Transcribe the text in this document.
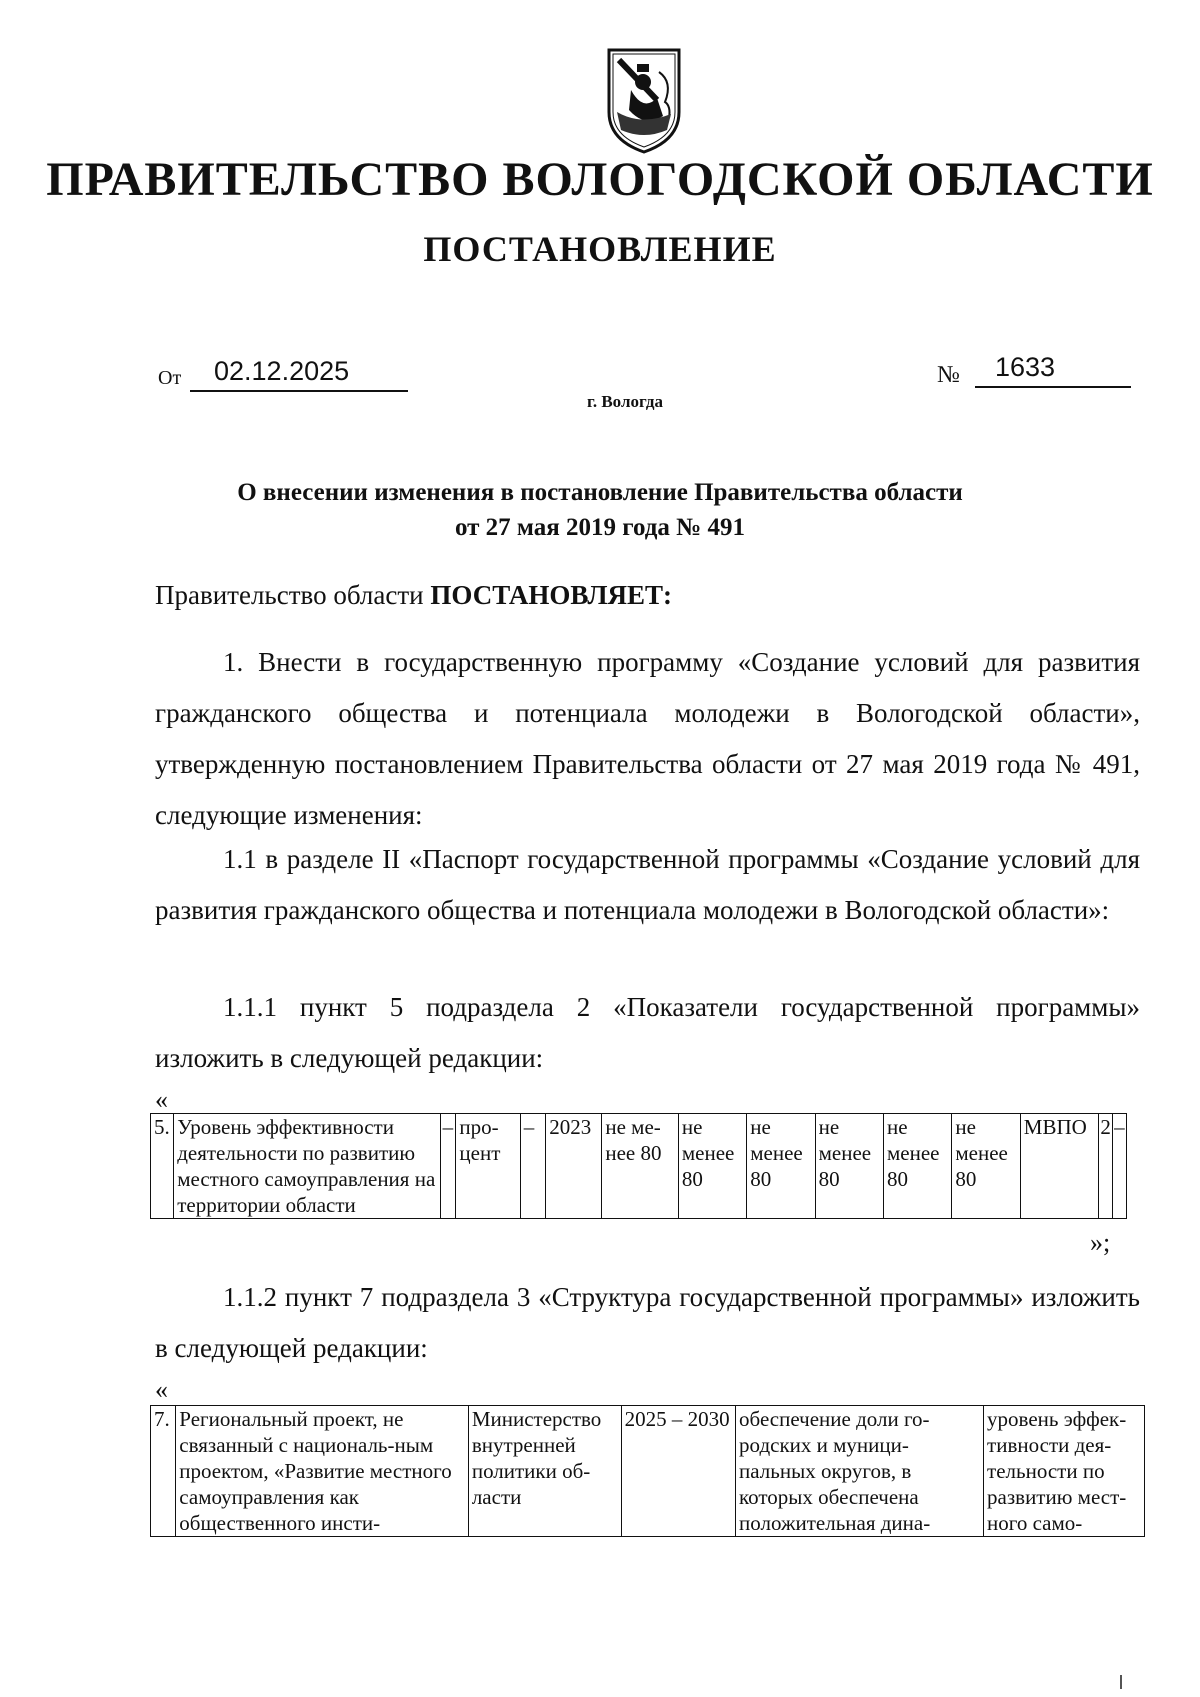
ПРАВИТЕЛЬСТВО ВОЛОГОДСКОЙ ОБЛАСТИ
ПОСТАНОВЛЕНИЕ
От	02.12.2025	№	1633
г. Вологда
О внесении изменения в постановление Правительства области
от 27 мая 2019 года № 491
Правительство области ПОСТАНОВЛЯЕТ:
1. Внести в государственную программу «Создание условий для развития гражданского общества и потенциала молодежи в Вологодской области», утвержденную постановлением Правительства области от 27 мая 2019 года № 491, следующие изменения:
1.1 в разделе II «Паспорт государственной программы «Создание условий для развития гражданского общества и потенциала молодежи в Вологодской области»:
1.1.1 пункт 5 подраздела 2 «Показатели государственной программы» изложить в следующей редакции:
«
5.	Уровень эффективности деятельности по развитию местного самоуправления на территории области	–	про-цент	–	2023	не ме-нее 80	не менее 80	не менее 80	не менее 80	не менее 80	не менее 80	МВПО	2	–
»;
1.1.2 пункт 7 подраздела 3 «Структура государственной программы» изложить в следующей редакции:
«
7.	Региональный проект, не связанный с националь-ным проектом, «Развитие местного самоуправления как общественного инсти-	Министерство внутренней политики об-ласти	2025 – 2030	обеспечение доли го-родских и муници-пальных округов, в которых обеспечена положительная дина-	уровень эффек-тивности дея-тельности по развитию мест-ного само-
